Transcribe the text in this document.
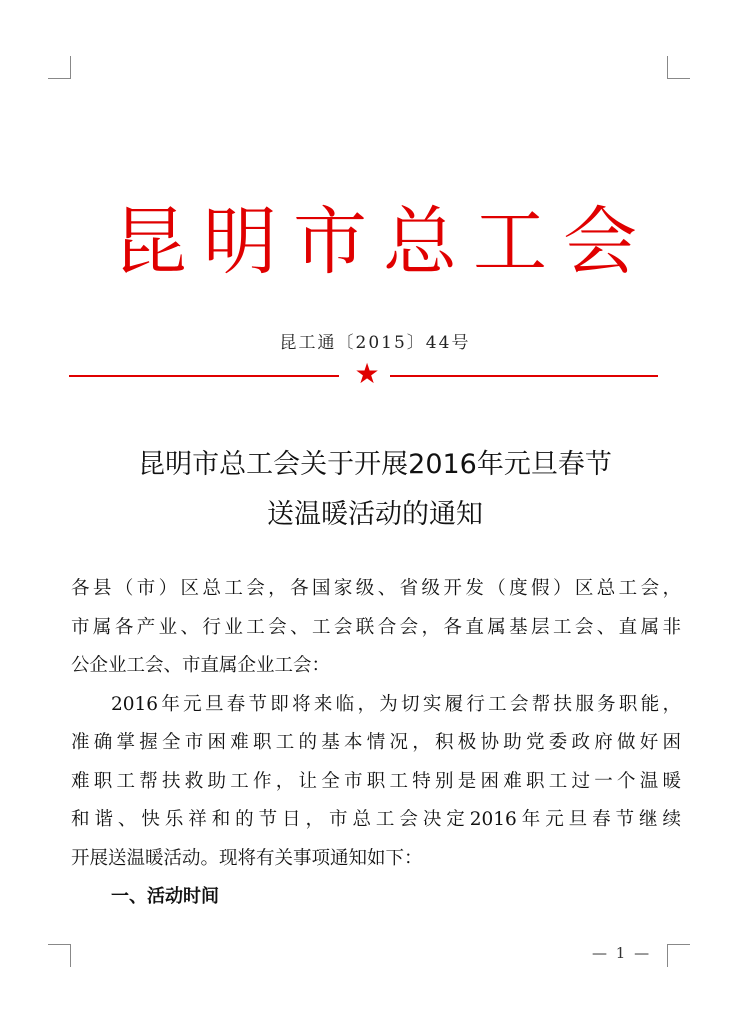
昆明市总工会
昆工通〔2015〕44号
★
昆明市总工会关于开展2016年元旦春节
送温暖活动的通知
各县（市）区总工会，各国家级、省级开发（度假）区总工会，
市属各产业、行业工会、工会联合会，各直属基层工会、直属非
公企业工会、市直属企业工会：
2016年元旦春节即将来临，为切实履行工会帮扶服务职能，
准确掌握全市困难职工的基本情况，积极协助党委政府做好困
难职工帮扶救助工作，让全市职工特别是困难职工过一个温暖
和谐、快乐祥和的节日，市总工会决定2016年元旦春节继续
开展送温暖活动。现将有关事项通知如下：
一、活动时间
— 1 —
